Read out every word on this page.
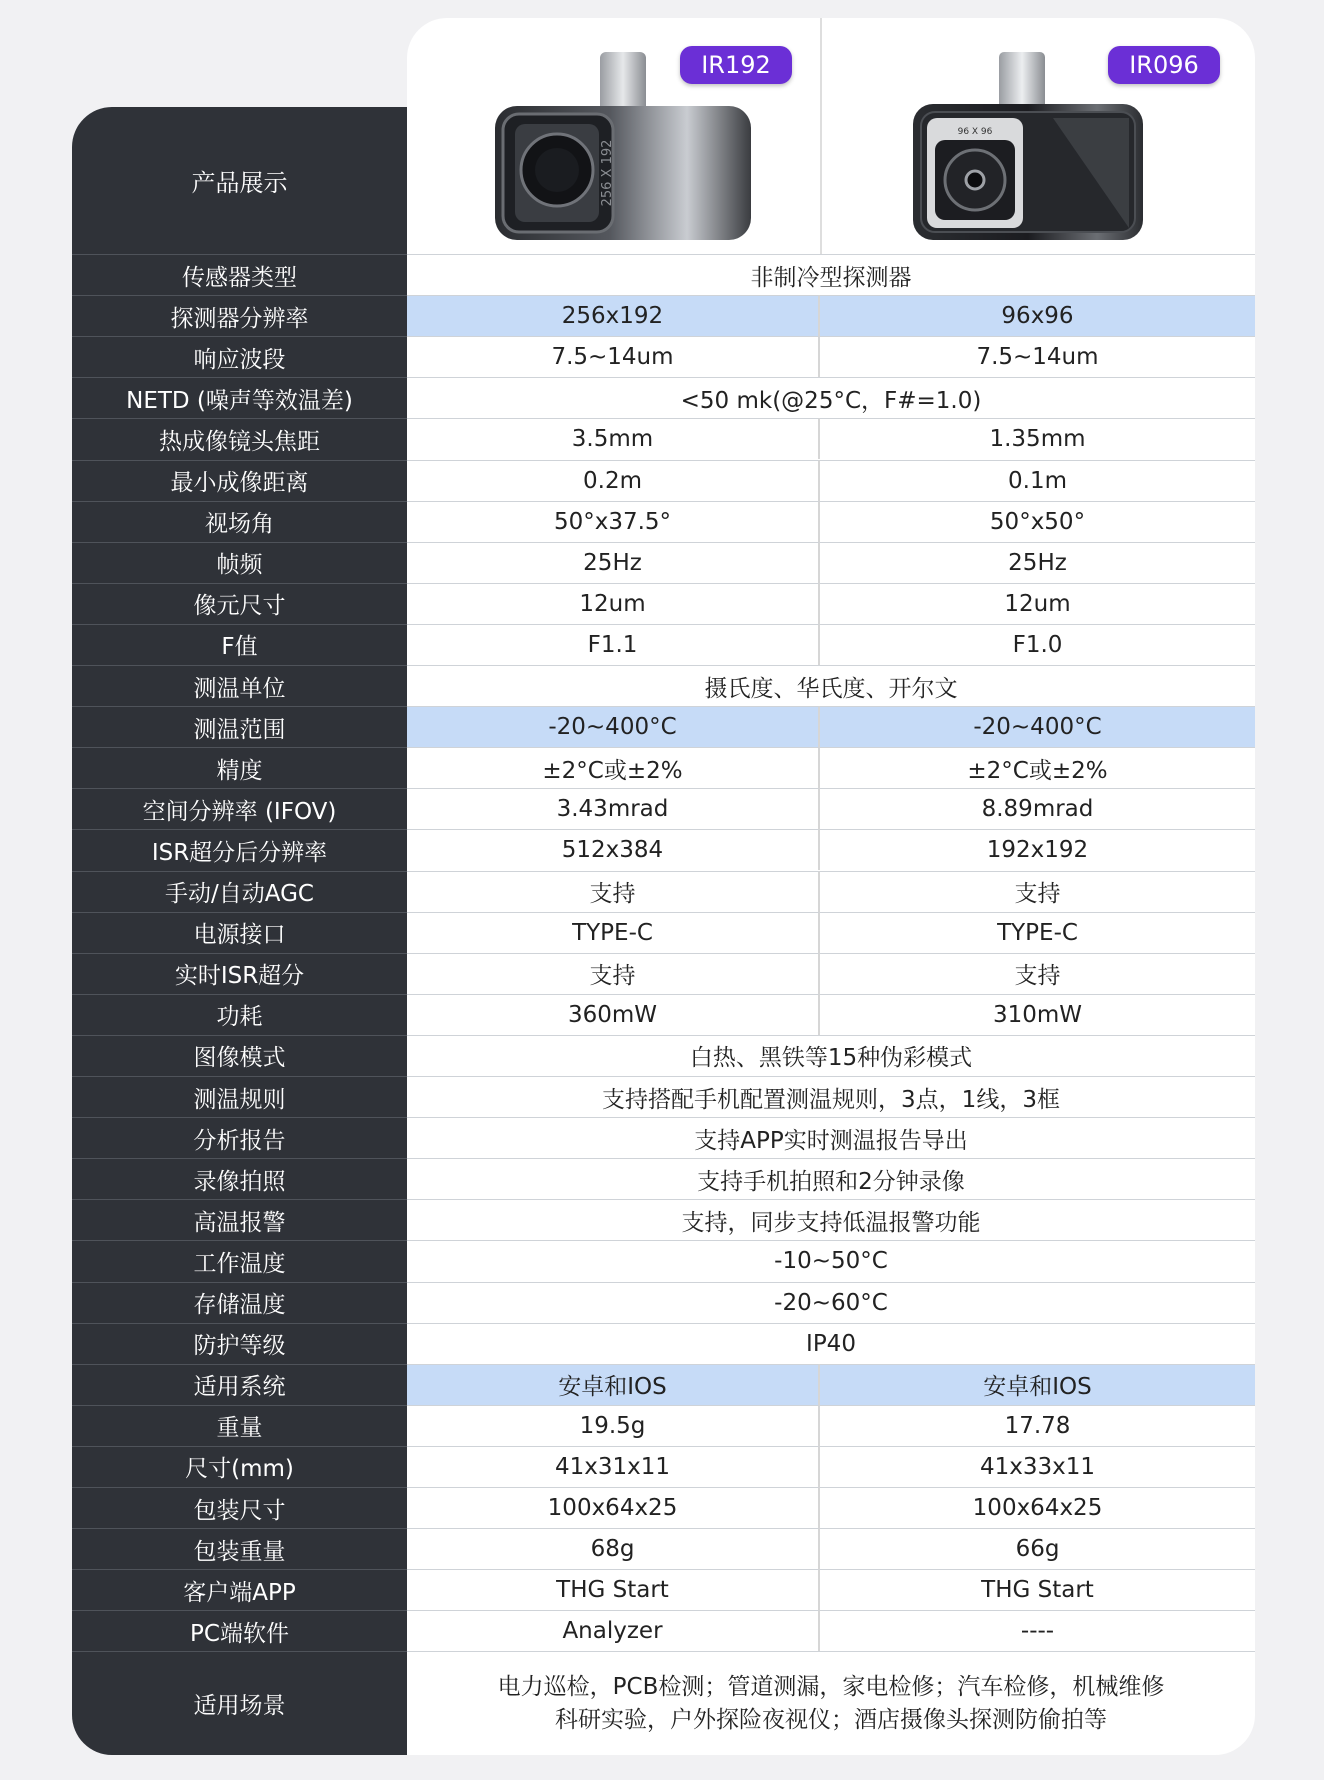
产品展示	256 X 192
IR192
96 X 96
IR096
传感器类型	非制冷型探测器
探测器分辨率	256x192	96x96
响应波段	7.5~14um	7.5~14um
NETD (噪声等效温差)	<50 mk(@25°C，F#=1.0)
热成像镜头焦距	3.5mm	1.35mm
最小成像距离	0.2m	0.1m
视场角	50°x37.5°	50°x50°
帧频	25Hz	25Hz
像元尺寸	12um	12um
F值	F1.1	F1.0
测温单位	摄氏度、华氏度、开尔文
测温范围	-20~400°C	-20~400°C
精度	±2°C或±2%	±2°C或±2%
空间分辨率 (IFOV)	3.43mrad	8.89mrad
ISR超分后分辨率	512x384	192x192
手动/自动AGC	支持	支持
电源接口	TYPE-C	TYPE-C
实时ISR超分	支持	支持
功耗	360mW	310mW
图像模式	白热、黑铁等15种伪彩模式
测温规则	支持搭配手机配置测温规则，3点，1线，3框
分析报告	支持APP实时测温报告导出
录像拍照	支持手机拍照和2分钟录像
高温报警	支持，同步支持低温报警功能
工作温度	-10~50°C
存储温度	-20~60°C
防护等级	IP40
适用系统	安卓和IOS	安卓和IOS
重量	19.5g	17.78
尺寸(mm)	41x31x11	41x33x11
包装尺寸	100x64x25	100x64x25
包装重量	68g	66g
客户端APP	THG Start	THG Start
PC端软件	Analyzer	----
适用场景
电力巡检，PCB检测；管道测漏，家电检修；汽车检修，机械维修
科研实验，户外探险夜视仪；酒店摄像头探测防偷拍等
